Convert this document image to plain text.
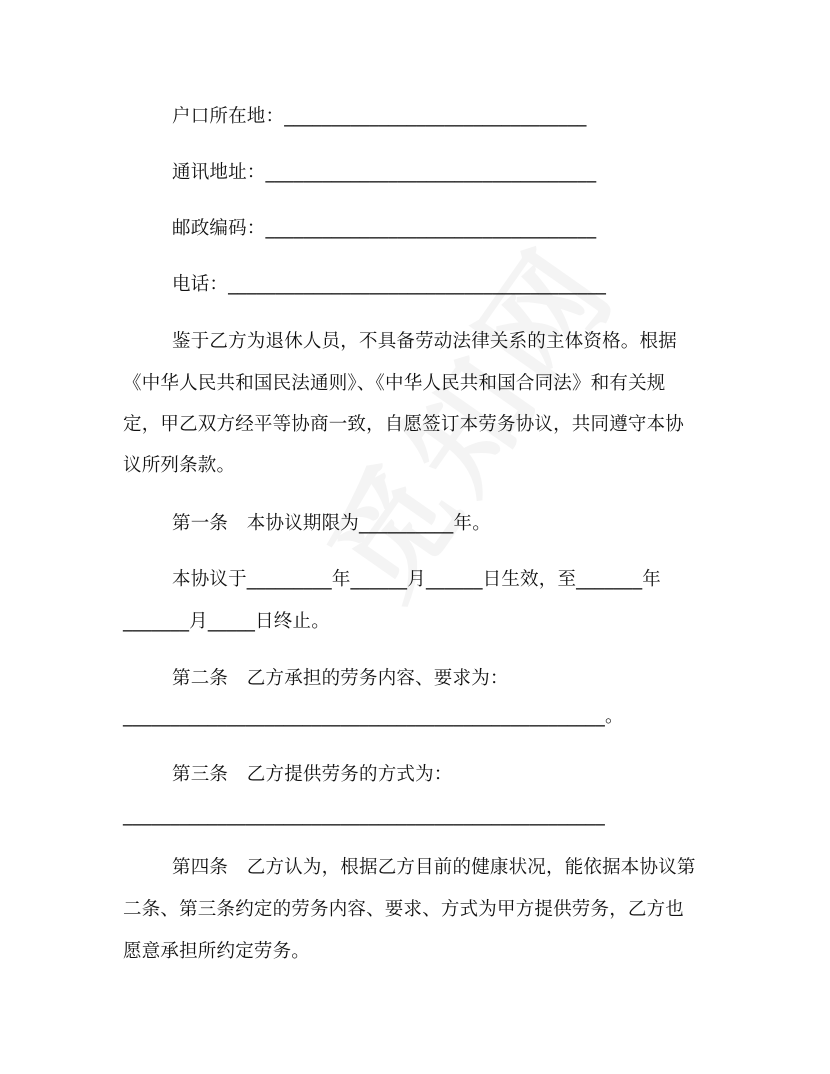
户口所在地：________________________________
通讯地址：___________________________________
邮政编码：___________________________________
电话：________________________________________
鉴于乙方为退休人员，不具备劳动法律关系的主体资格。根据
《中华人民共和国民法通则》、《中华人民共和国合同法》和有关规
定，甲乙双方经平等协商一致，自愿签订本劳务协议，共同遵守本协
议所列条款。
第一条　本协议期限为__________年。
本协议于_________年______月______日生效，至_______年
_______月_____日终止。
第二条　乙方承担的劳务内容、要求为：
___________________________________________________。
第三条　乙方提供劳务的方式为：
___________________________________________________
第四条　乙方认为，根据乙方目前的健康状况，能依据本协议第
二条、第三条约定的劳务内容、要求、方式为甲方提供劳务，乙方也
愿意承担所约定劳务。
